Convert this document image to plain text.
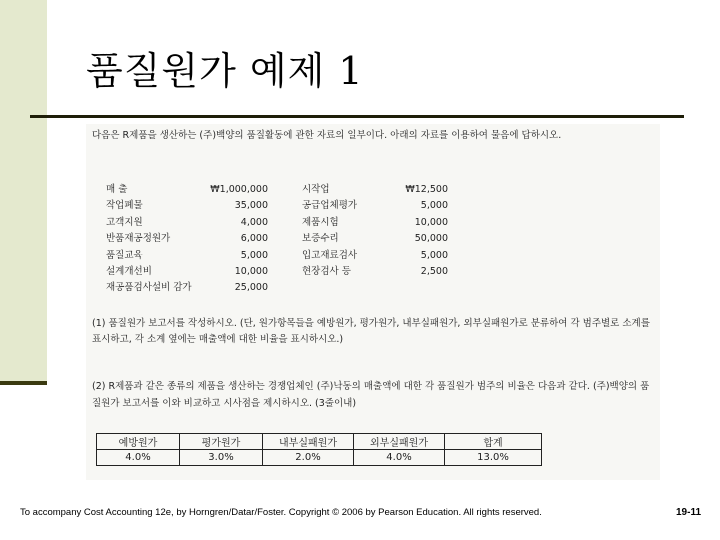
품질원가 예제 1
다음은 R제품을 생산하는 (주)백양의 품질활동에 관한 자료의 일부이다. 아래의 자료를 이용하여 물음에 답하시오.
매 출	₩1,000,000	시작업	₩12,500
작업폐물	35,000	공급업체평가	5,000
고객지원	4,000	제품시험	10,000
반품재공정원가	6,000	보증수리	50,000
품질교육	5,000	입고재료검사	5,000
설계개선비	10,000	현장검사 등	2,500
재공품검사설비 감가	25,000
(1) 품질원가 보고서를 작성하시오. (단, 원가항목들을 예방원가, 평가원가, 내부실패원가, 외부실패원가로 분류하여 각 범주별로 소계를 표시하고, 각 소계 옆에는 매출액에 대한 비율을 표시하시오.)
(2) R제품과 같은 종류의 제품을 생산하는 경쟁업체인 (주)낙동의 매출액에 대한 각 품질원가 범주의 비율은 다음과 같다. (주)백양의 품질원가 보고서를 이와 비교하고 시사점을 제시하시오. (3줄이내)
예방원가	평가원가	내부실패원가	외부실패원가	합계
4.0%	3.0%	2.0%	4.0%	13.0%
To accompany Cost Accounting 12e, by Horngren/Datar/Foster. Copyright © 2006 by Pearson Education. All rights reserved.	19-11
